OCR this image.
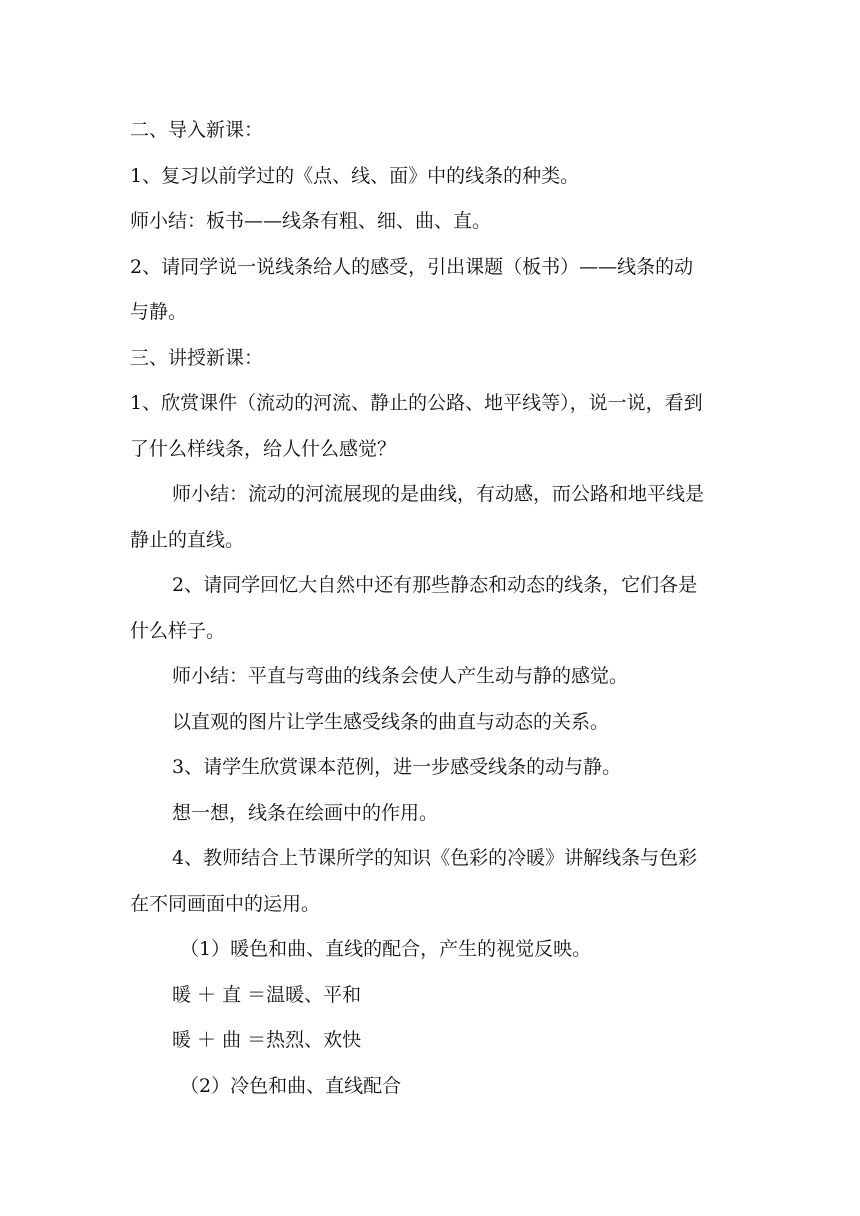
二、导入新课：
1、复习以前学过的《点、线、面》中的线条的种类。
师小结：板书——线条有粗、细、曲、直。
2、请同学说一说线条给人的感受，引出课题（板书）——线条的动
与静。
三、讲授新课：
1、欣赏课件（流动的河流、静止的公路、地平线等），说一说，看到
了什么样线条，给人什么感觉？
师小结：流动的河流展现的是曲线，有动感，而公路和地平线是
静止的直线。
2、请同学回忆大自然中还有那些静态和动态的线条，它们各是
什么样子。
师小结：平直与弯曲的线条会使人产生动与静的感觉。
以直观的图片让学生感受线条的曲直与动态的关系。
3、请学生欣赏课本范例，进一步感受线条的动与静。
想一想，线条在绘画中的作用。
4、教师结合上节课所学的知识《色彩的冷暖》讲解线条与色彩
在不同画面中的运用。
（1）暖色和曲、直线的配合，产生的视觉反映。
暖 ＋ 直 ＝温暖、平和
暖 ＋ 曲 ＝热烈、欢快
（2）冷色和曲、直线配合
